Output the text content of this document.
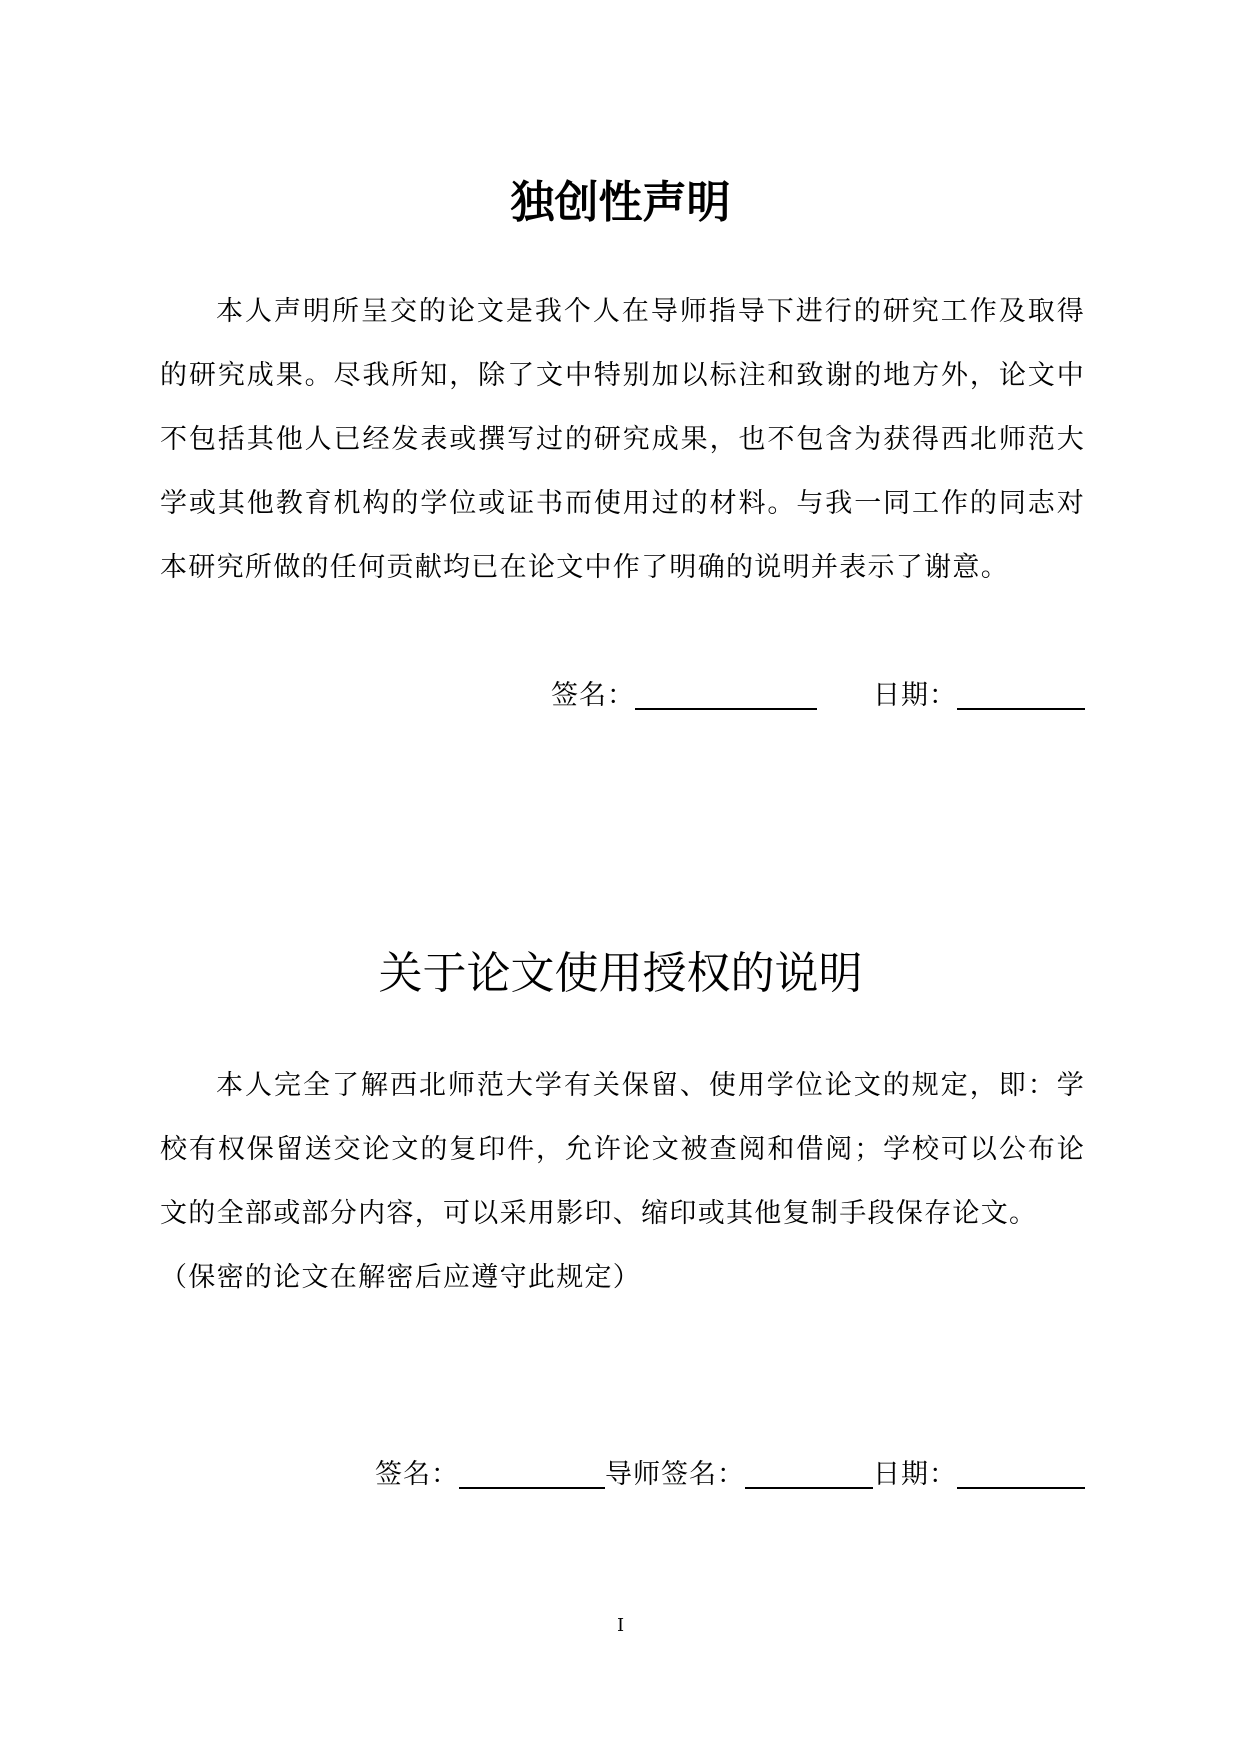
独创性声明

本人声明所呈交的论文是我个人在导师指导下进行的研究工作及取得的研究成果。尽我所知，除了文中特别加以标注和致谢的地方外，论文中不包括其他人已经发表或撰写过的研究成果，也不包含为获得西北师范大学或其他教育机构的学位或证书而使用过的材料。与我一同工作的同志对本研究所做的任何贡献均已在论文中作了明确的说明并表示了谢意。

签名：	日期：
关于论文使用授权的说明

本人完全了解西北师范大学有关保留、使用学位论文的规定，即：学校有权保留送交论文的复印件，允许论文被查阅和借阅；学校可以公布论文的全部或部分内容，可以采用影印、缩印或其他复制手段保存论文。

（保密的论文在解密后应遵守此规定）

签名：	导师签名：	日期：
I
